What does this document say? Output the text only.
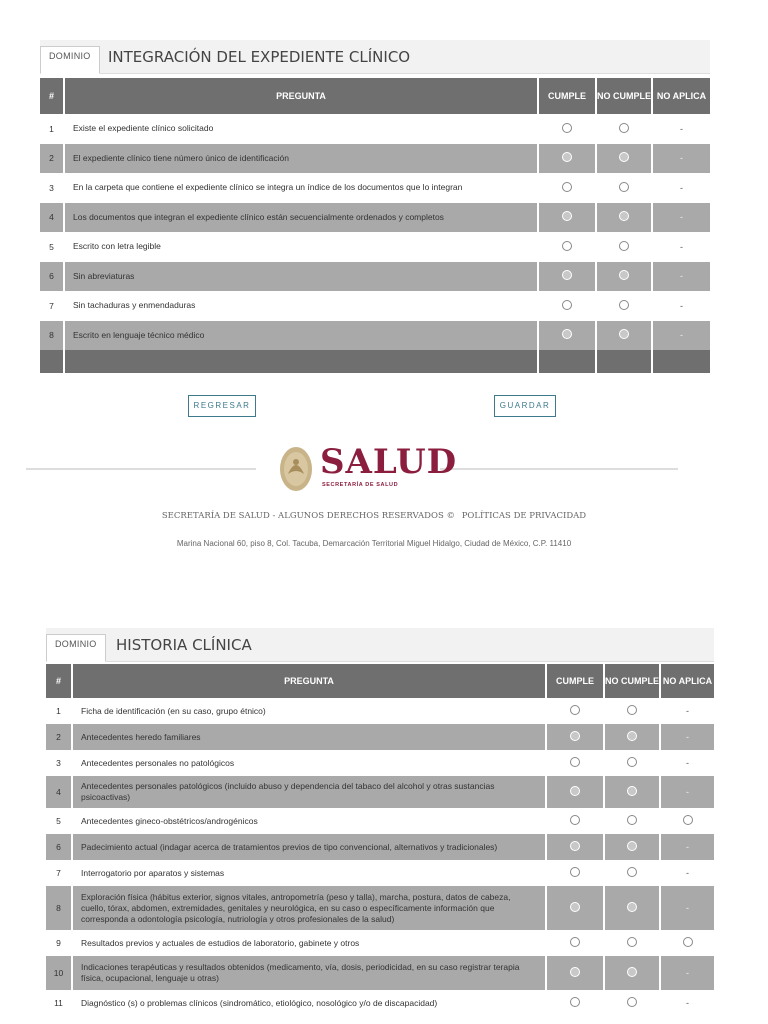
DOMINIO	INTEGRACIÓN DEL EXPEDIENTE CLÍNICO
#	PREGUNTA	CUMPLE	NO CUMPLE	NO APLICA
1	Existe el expediente clínico solicitado			-
2	El expediente clínico tiene número único de identificación			-
3	En la carpeta que contiene el expediente clínico se integra un índice de los documentos que lo integran			-
4	Los documentos que integran el expediente clínico están secuencialmente ordenados y completos			-
5	Escrito con letra legible			-
6	Sin abreviaturas			-
7	Sin tachaduras y enmendaduras			-
8	Escrito en lenguaje técnico médico			-

REGRESAR	GUARDAR
SALUD
SECRETARÍA DE SALUD
SECRETARÍA DE SALUD - ALGUNOS DERECHOS RESERVADOS © POLÍTICAS DE PRIVACIDAD
Marina Nacional 60, piso 8, Col. Tacuba, Demarcación Territorial Miguel Hidalgo, Ciudad de México, C.P. 11410
DOMINIO	HISTORIA CLÍNICA
#	PREGUNTA	CUMPLE	NO CUMPLE	NO APLICA
1	Ficha de identificación (en su caso, grupo étnico)			-
2	Antecedentes heredo familiares			-
3	Antecedentes personales no patológicos			-
4	Antecedentes personales patológicos (incluido abuso y dependencia del tabaco del alcohol y otras sustancias psicoactivas)			-
5	Antecedentes gineco-obstétricos/androgénicos			
6	Padecimiento actual (indagar acerca de tratamientos previos de tipo convencional, alternativos y tradicionales)			-
7	Interrogatorio por aparatos y sistemas			-
8	Exploración física (hábitus exterior, signos vitales, antropometría (peso y talla), marcha, postura, datos de cabeza, cuello, tórax, abdomen, extremidades, genitales y neurológica, en su caso o específicamente información que corresponda a odontología psicología, nutriología y otros profesionales de la salud)			-
9	Resultados previos y actuales de estudios de laboratorio, gabinete y otros			
10	Indicaciones terapéuticas y resultados obtenidos (medicamento, vía, dosis, periodicidad, en su caso registrar terapia física, ocupacional, lenguaje u otras)			-
11	Diagnóstico (s) o problemas clínicos (sindromático, etiológico, nosológico y/o de discapacidad)			-
